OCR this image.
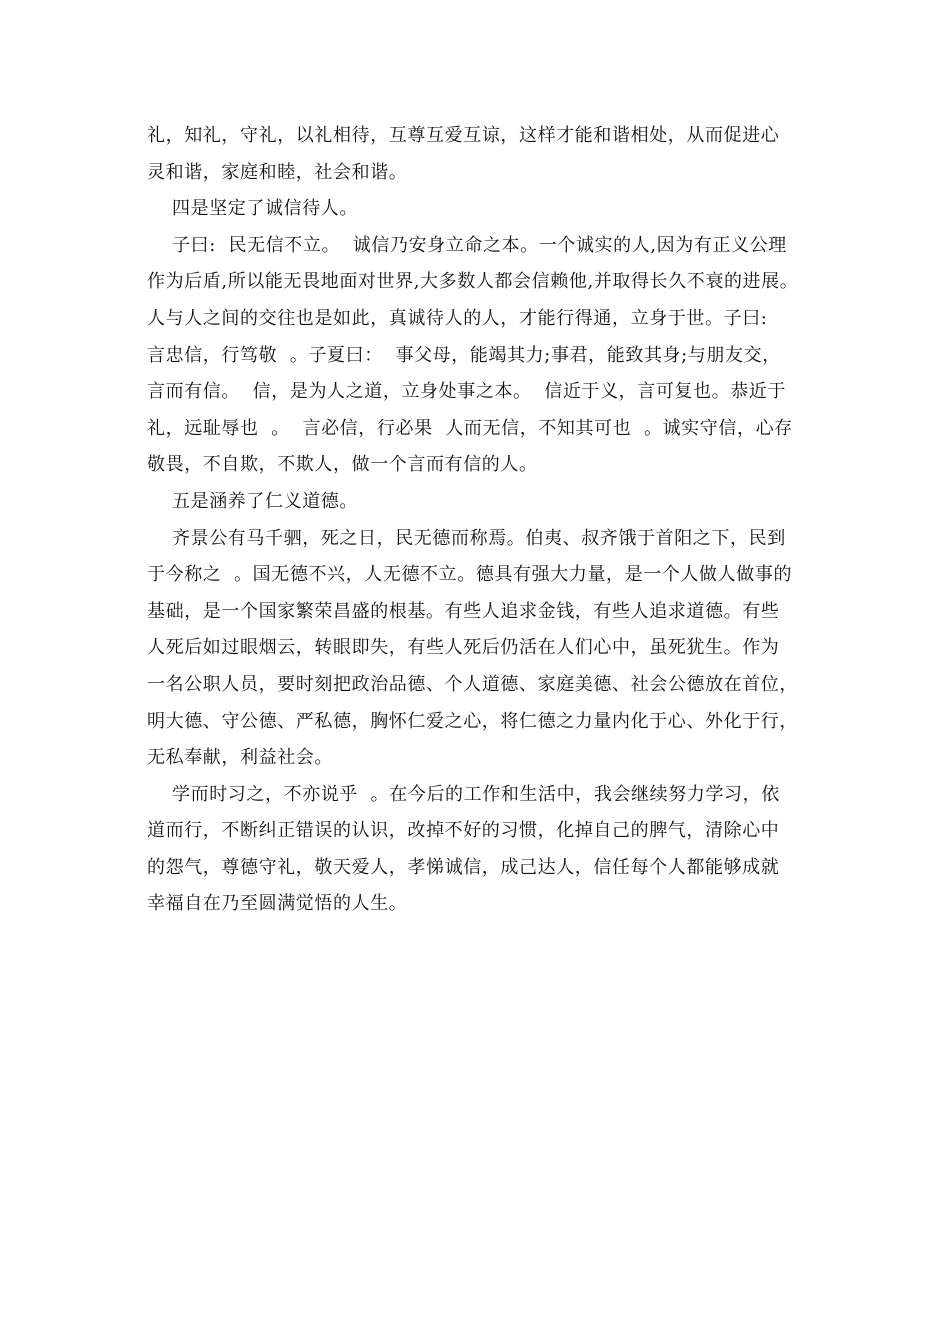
礼，知礼，守礼，以礼相待，互尊互爱互谅，这样才能和谐相处，从而促进心
灵和谐，家庭和睦，社会和谐。
四是坚定了诚信待人。
子曰:  民无信不立。  诚信乃安身立命之本。一个诚实的人,因为有正义公理
作为后盾,所以能无畏地面对世界,大多数人都会信赖他,并取得长久不衰的进展。
人与人之间的交往也是如此，真诚待人的人，才能行得通，立身于世。子曰:
言忠信，行笃敬  。子夏曰：  事父母，能竭其力;事君，能致其身;与朋友交，
言而有信。  信，是为人之道，立身处事之本。  信近于义，言可复也。恭近于
礼，远耻辱也  。  言必信，行必果  人而无信，不知其可也  。诚实守信，心存
敬畏，不自欺，不欺人，做一个言而有信的人。
五是涵养了仁义道德。
齐景公有马千驷，死之日，民无德而称焉。伯夷、叔齐饿于首阳之下，民到
于今称之  。国无德不兴，人无德不立。德具有强大力量，是一个人做人做事的
基础，是一个国家繁荣昌盛的根基。有些人追求金钱，有些人追求道德。有些
人死后如过眼烟云，转眼即失，有些人死后仍活在人们心中，虽死犹生。作为
一名公职人员，要时刻把政治品德、个人道德、家庭美德、社会公德放在首位，
明大德、守公德、严私德，胸怀仁爱之心，将仁德之力量内化于心、外化于行，
无私奉献，利益社会。
学而时习之，不亦说乎  。在今后的工作和生活中，我会继续努力学习，依
道而行，不断纠正错误的认识，改掉不好的习惯，化掉自己的脾气，清除心中
的怨气，尊德守礼，敬天爱人，孝悌诚信，成己达人，信任每个人都能够成就
幸福自在乃至圆满觉悟的人生。
